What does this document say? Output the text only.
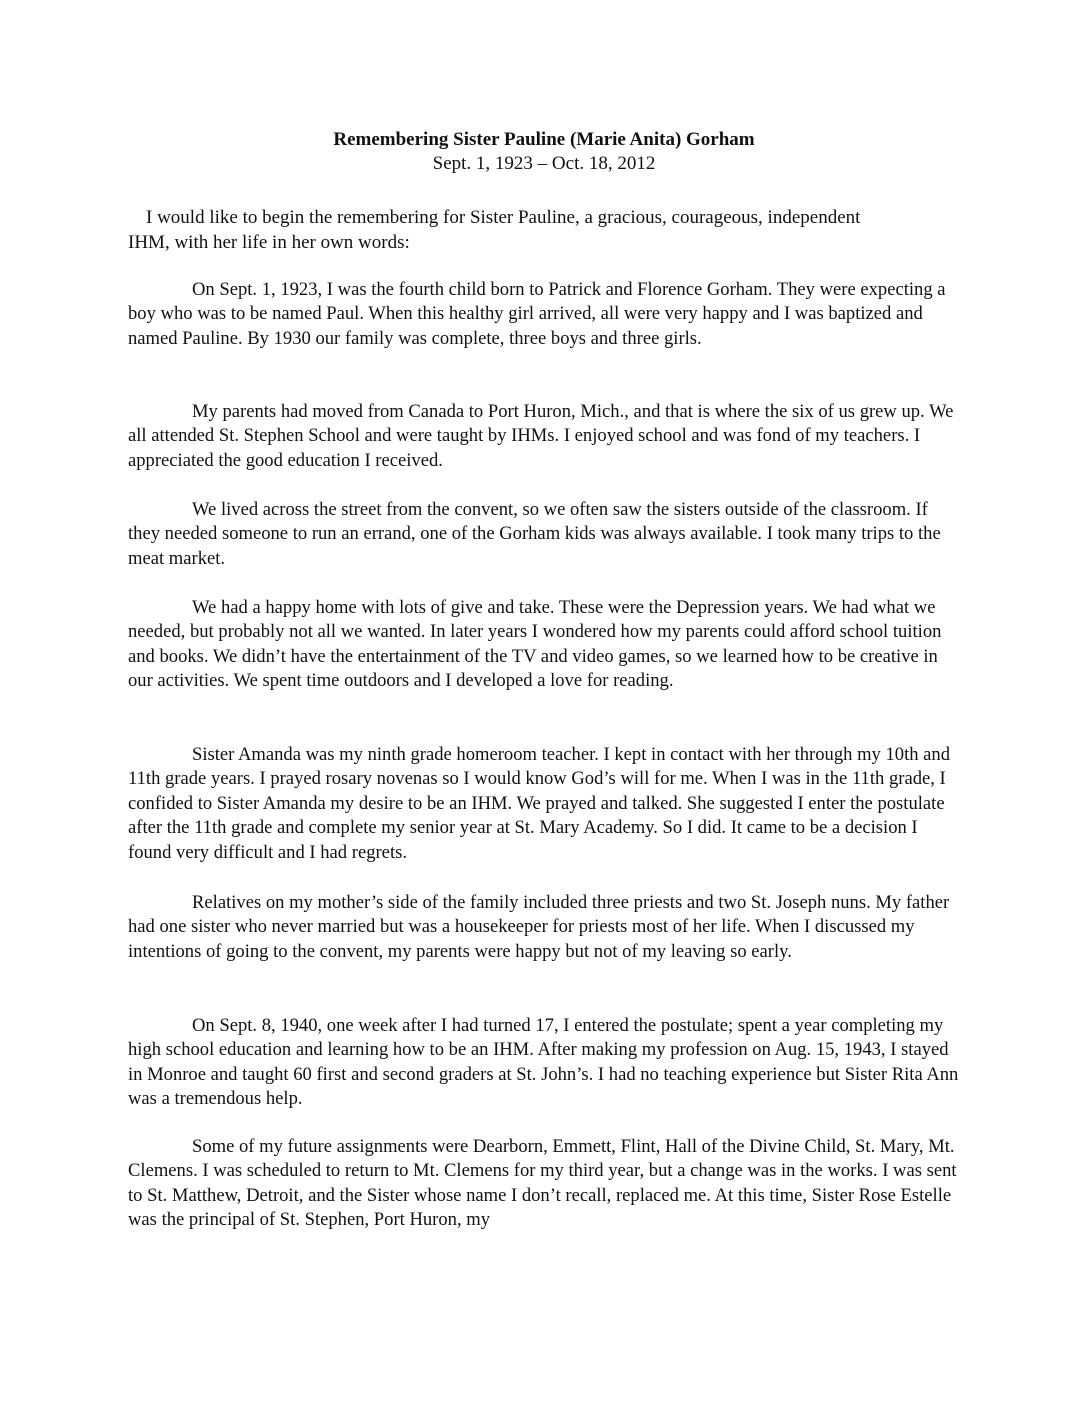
Remembering Sister Pauline (Marie Anita) Gorham
Sept. 1, 1923 – Oct. 18, 2012

I would like to begin the remembering for Sister Pauline, a gracious, courageous, independent IHM, with her life in her own words:

On Sept. 1, 1923, I was the fourth child born to Patrick and Florence Gorham. They were expecting a boy who was to be named Paul. When this healthy girl arrived, all were very happy and I was baptized and named Pauline. By 1930 our family was complete, three boys and three girls.

My parents had moved from Canada to Port Huron, Mich., and that is where the six of us grew up. We all attended St. Stephen School and were taught by IHMs. I enjoyed school and was fond of my teachers. I appreciated the good education I received.

We lived across the street from the convent, so we often saw the sisters outside of the classroom. If they needed someone to run an errand, one of the Gorham kids was always available. I took many trips to the meat market.

We had a happy home with lots of give and take. These were the Depression years. We had what we needed, but probably not all we wanted. In later years I wondered how my parents could afford school tuition and books. We didn’t have the entertainment of the TV and video games, so we learned how to be creative in our activities. We spent time outdoors and I developed a love for reading.

Sister Amanda was my ninth grade homeroom teacher. I kept in contact with her through my 10th and 11th grade years. I prayed rosary novenas so I would know God’s will for me. When I was in the 11th grade, I confided to Sister Amanda my desire to be an IHM. We prayed and talked. She suggested I enter the postulate after the 11th grade and complete my senior year at St. Mary Academy. So I did. It came to be a decision I found very difficult and I had regrets.

Relatives on my mother’s side of the family included three priests and two St. Joseph nuns. My father had one sister who never married but was a housekeeper for priests most of her life. When I discussed my intentions of going to the convent, my parents were happy but not of my leaving so early.

On Sept. 8, 1940, one week after I had turned 17, I entered the postulate; spent a year completing my high school education and learning how to be an IHM. After making my profession on Aug. 15, 1943, I stayed in Monroe and taught 60 first and second graders at St. John’s. I had no teaching experience but Sister Rita Ann was a tremendous help.

Some of my future assignments were Dearborn, Emmett, Flint, Hall of the Divine Child, St. Mary, Mt. Clemens. I was scheduled to return to Mt. Clemens for my third year, but a change was in the works. I was sent to St. Matthew, Detroit, and the Sister whose name I don’t recall, replaced me. At this time, Sister Rose Estelle was the principal of St. Stephen, Port Huron, my
